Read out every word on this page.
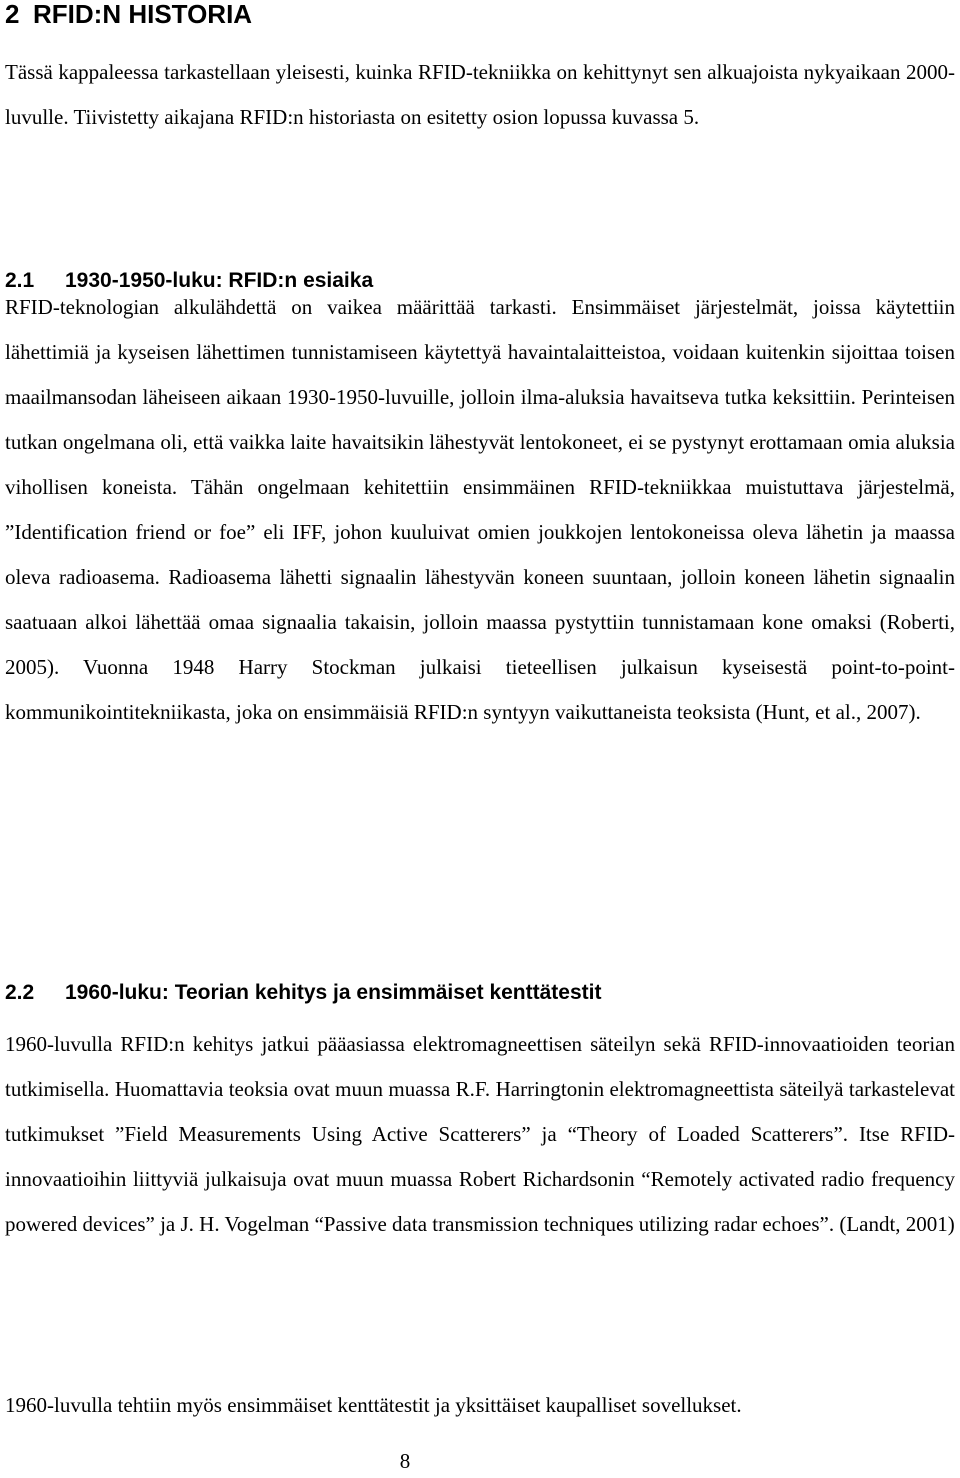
2 RFID:N HISTORIA

Tässä kappaleessa tarkastellaan yleisesti, kuinka RFID-tekniikka on kehittynyt sen alkuajoista nykyaikaan 2000-luvulle. Tiivistetty aikajana RFID:n historiasta on esitetty osion lopussa kuvassa 5.

2.1 1930-1950-luku: RFID:n esiaika

RFID-teknologian alkulähdettä on vaikea määrittää tarkasti. Ensimmäiset järjestelmät, joissa käytettiin lähettimiä ja kyseisen lähettimen tunnistamiseen käytettyä havaintalaitteistoa, voidaan kuitenkin sijoittaa toisen maailmansodan läheiseen aikaan 1930-1950-luvuille, jolloin ilma-aluksia havaitseva tutka keksittiin. Perinteisen tutkan ongelmana oli, että vaikka laite havaitsikin lähestyvät lentokoneet, ei se pystynyt erottamaan omia aluksia vihollisen koneista. Tähän ongelmaan kehitettiin ensimmäinen RFID-tekniikkaa muistuttava järjestelmä, ”Identification friend or foe” eli IFF, johon kuuluivat omien joukkojen lentokoneissa oleva lähetin ja maassa oleva radioasema. Radioasema lähetti signaalin lähestyvän koneen suuntaan, jolloin koneen lähetin signaalin saatuaan alkoi lähettää omaa signaalia takaisin, jolloin maassa pystyttiin tunnistamaan kone omaksi (Roberti, 2005). Vuonna 1948 Harry Stockman julkaisi tieteellisen julkaisun kyseisestä point-to-point-kommunikointitekniikasta, joka on ensimmäisiä RFID:n syntyyn vaikuttaneista teoksista (Hunt, et al., 2007).

2.2 1960-luku: Teorian kehitys ja ensimmäiset kenttätestit

1960-luvulla RFID:n kehitys jatkui pääasiassa elektromagneettisen säteilyn sekä RFID-innovaatioiden teorian tutkimisella. Huomattavia teoksia ovat muun muassa R.F. Harringtonin elektromagneettista säteilyä tarkastelevat tutkimukset ”Field Measurements Using Active Scatterers” ja “Theory of Loaded Scatterers”. Itse RFID-innovaatioihin liittyviä julkaisuja ovat muun muassa Robert Richardsonin “Remotely activated radio frequency powered devices” ja J. H. Vogelman “Passive data transmission techniques utilizing radar echoes”. (Landt, 2001)

1960-luvulla tehtiin myös ensimmäiset kenttätestit ja yksittäiset kaupalliset sovellukset.

8
